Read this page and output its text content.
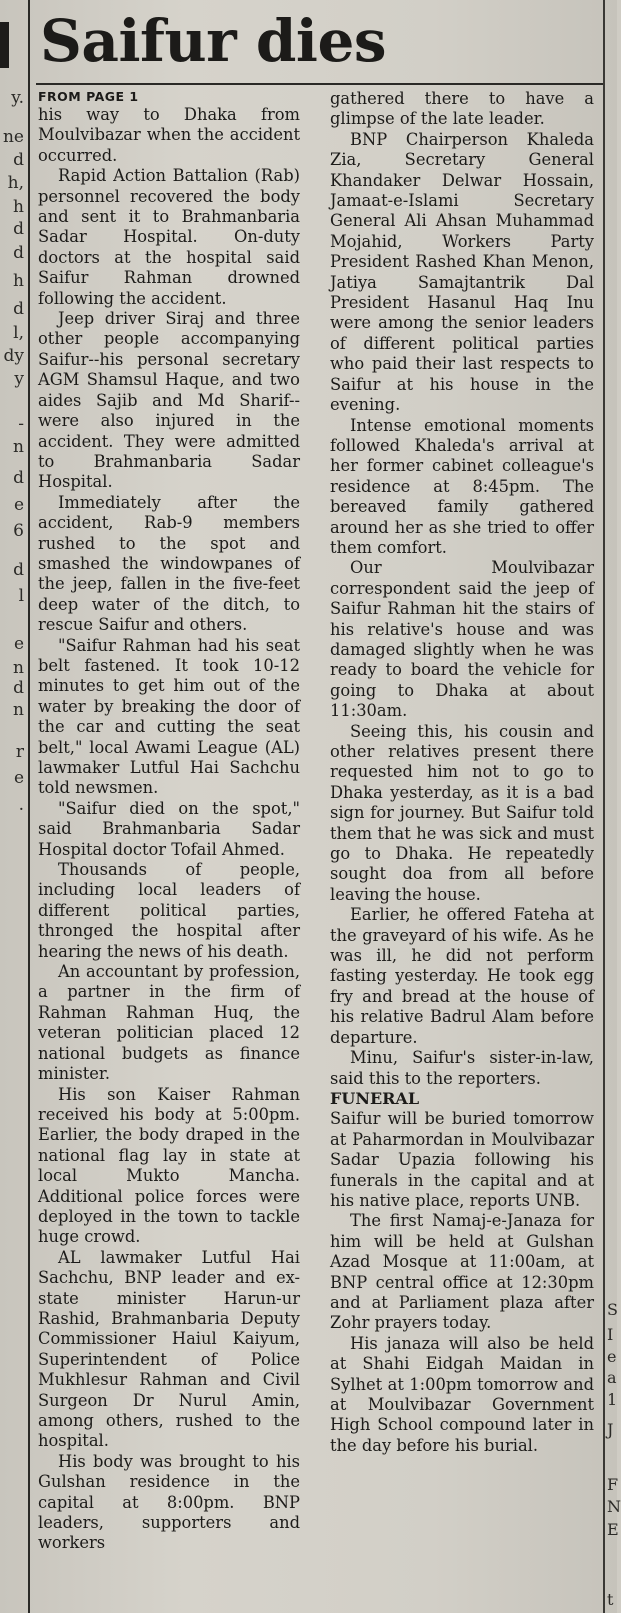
y.
ne
d
h,
h
d
d
h
d
l,
dy
y
-
n
d
e
6
d
l
e
n
d
n
r
e
.
S
I
e
a
1
J
F
N
E
t
Saifur dies
FROM PAGE 1

his way to Dhaka from Moulvibazar when the accident occurred.

Rapid Action Battalion (Rab) personnel recovered the body and sent it to Brahmanbaria Sadar Hospital. On-duty doctors at the hospital said Saifur Rahman drowned following the accident.

Jeep driver Siraj and three other people accompanying Saifur--his personal secretary AGM Shamsul Haque, and two aides Sajib and Md Sharif--were also injured in the accident. They were admitted to Brahmanbaria Sadar Hospital.

Immediately after the accident, Rab-9 members rushed to the spot and smashed the windowpanes of the jeep, fallen in the five-feet deep water of the ditch, to rescue Saifur and others.

"Saifur Rahman had his seat belt fastened. It took 10-12 minutes to get him out of the water by breaking the door of the car and cutting the seat belt," local Awami League (AL) lawmaker Lutful Hai Sachchu told newsmen.

"Saifur died on the spot," said Brahmanbaria Sadar Hospital doctor Tofail Ahmed.

Thousands of people, including local leaders of different political parties, thronged the hospital after hearing the news of his death.

An accountant by profession, a partner in the firm of Rahman Rahman Huq, the veteran politician placed 12 national budgets as finance minister.

His son Kaiser Rahman received his body at 5:00pm. Earlier, the body draped in the national flag lay in state at local Mukto Mancha. Additional police forces were deployed in the town to tackle huge crowd.

AL lawmaker Lutful Hai Sachchu, BNP leader and ex-state minister Harun-ur Rashid, Brahmanbaria Deputy Commissioner Haiul Kaiyum, Superintendent of Police Mukhlesur Rahman and Civil Surgeon Dr Nurul Amin, among others, rushed to the hospital.

His body was brought to his Gulshan residence in the capital at 8:00pm. BNP leaders, supporters and workers

gathered there to have a glimpse of the late leader.

BNP Chairperson Khaleda Zia, Secretary General Khandaker Delwar Hossain, Jamaat-e-Islami Secretary General Ali Ahsan Muhammad Mojahid, Workers Party President Rashed Khan Menon, Jatiya Samajtantrik Dal President Hasanul Haq Inu were among the senior leaders of different political parties who paid their last respects to Saifur at his house in the evening.

Intense emotional moments followed Khaleda's arrival at her former cabinet colleague's residence at 8:45pm. The bereaved family gathered around her as she tried to offer them comfort.

Our Moulvibazar correspondent said the jeep of Saifur Rahman hit the stairs of his relative's house and was damaged slightly when he was ready to board the vehicle for going to Dhaka at about 11:30am.

Seeing this, his cousin and other relatives present there requested him not to go to Dhaka yesterday, as it is a bad sign for journey. But Saifur told them that he was sick and must go to Dhaka. He repeatedly sought doa from all before leaving the house.

Earlier, he offered Fateha at the graveyard of his wife. As he was ill, he did not perform fasting yesterday. He took egg fry and bread at the house of his relative Badrul Alam before departure.

Minu, Saifur's sister-in-law, said this to the reporters.

FUNERAL

Saifur will be buried tomorrow at Paharmordan in Moulvibazar Sadar Upazia following his funerals in the capital and at his native place, reports UNB.

The first Namaj-e-Janaza for him will be held at Gulshan Azad Mosque at 11:00am, at BNP central office at 12:30pm and at Parliament plaza after Zohr prayers today.

His janaza will also be held at Shahi Eidgah Maidan in Sylhet at 1:00pm tomorrow and at Moulvibazar Government High School compound later in the day before his burial.
